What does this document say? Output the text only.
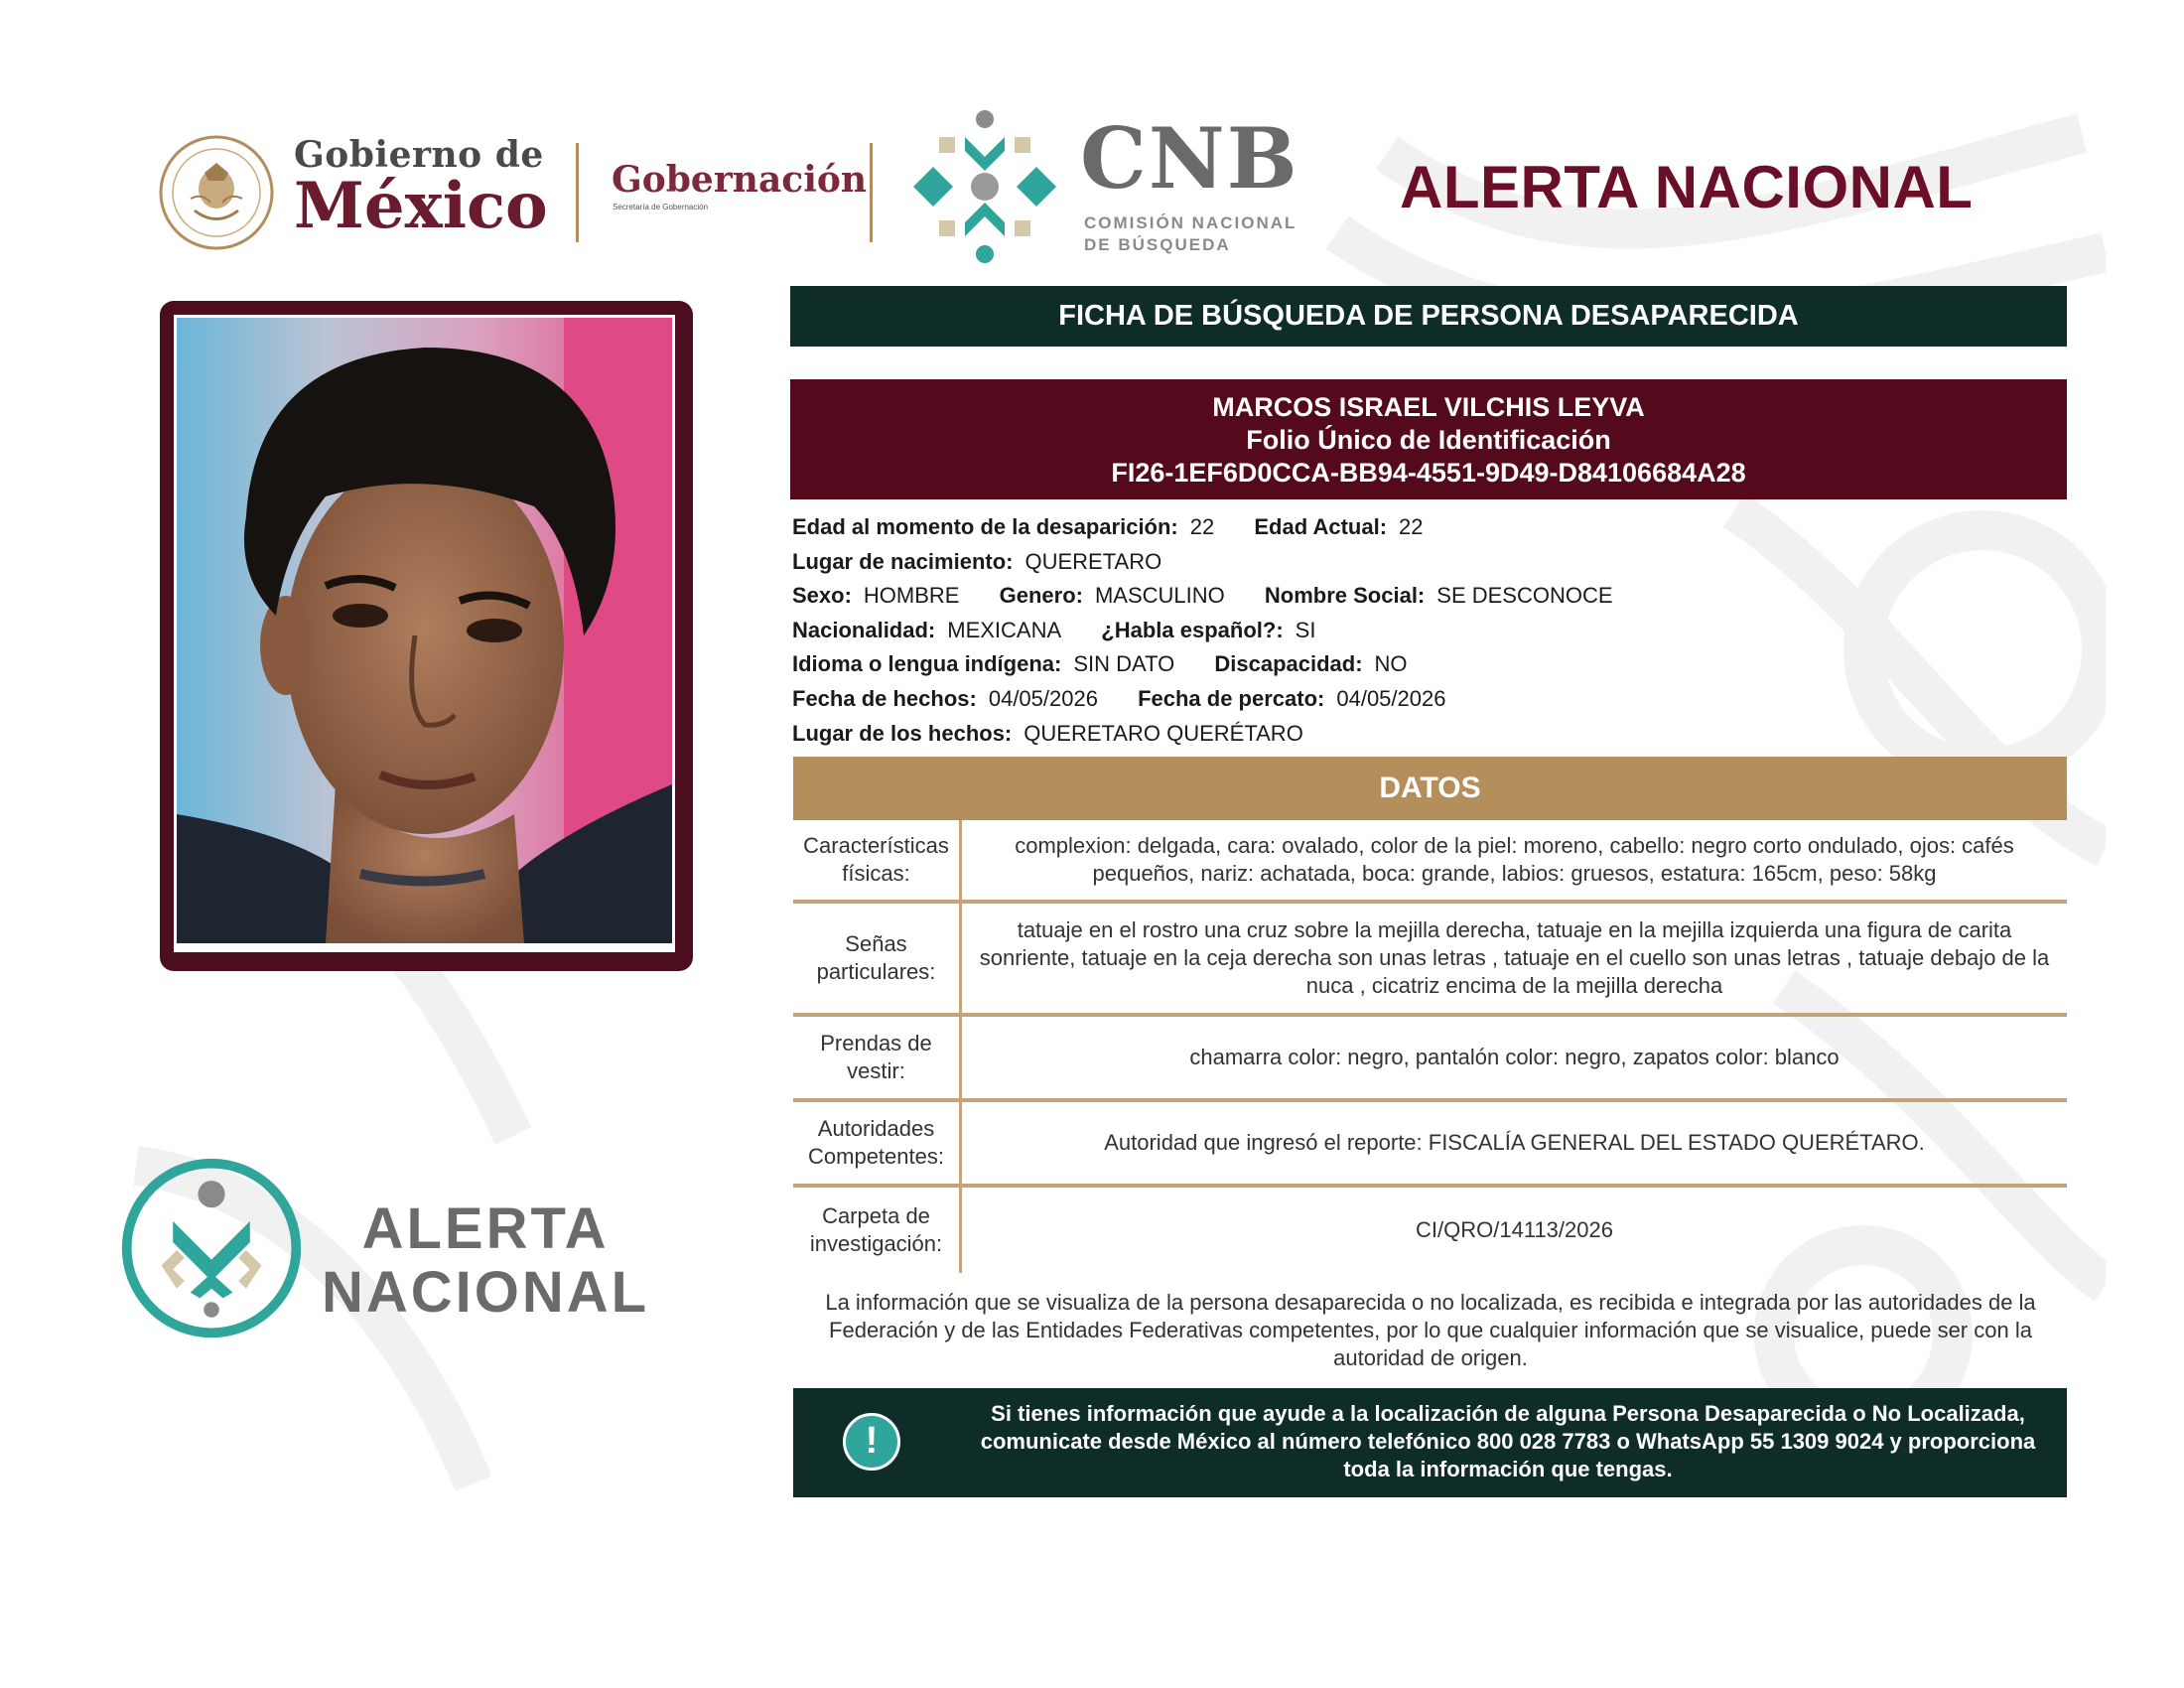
Gobierno de
México Gobernación
Secretaría de Gobernación	CNB
COMISIÓN NACIONAL
DE BÚSQUEDA
ALERTA NACIONAL
FICHA DE BÚSQUEDA DE PERSONA DESAPARECIDA
MARCOS ISRAEL VILCHIS LEYVA
Folio Único de Identificación
FI26-1EF6D0CCA-BB94-4551-9D49-D84106684A28
Edad al momento de la desaparición: 22 Edad Actual: 22
Lugar de nacimiento: QUERETARO
Sexo: HOMBRE Genero: MASCULINO Nombre Social: SE DESCONOCE
Nacionalidad: MEXICANA ¿Habla español?: SI
Idioma o lengua indígena: SIN DATO Discapacidad: NO
Fecha de hechos: 04/05/2026 Fecha de percato: 04/05/2026
Lugar de los hechos: QUERETARO QUERÉTARO
DATOS
Características físicas:
complexion: delgada, cara: ovalado, color de la piel: moreno, cabello: negro corto ondulado, ojos: cafés pequeños, nariz: achatada, boca: grande, labios: gruesos, estatura: 165cm, peso: 58kg
Señas particulares:
tatuaje en el rostro una cruz sobre la mejilla derecha, tatuaje en la mejilla izquierda una figura de carita sonriente, tatuaje en la ceja derecha son unas letras , tatuaje en el cuello son unas letras , tatuaje debajo de la nuca , cicatriz encima de la mejilla derecha
Prendas de vestir:
chamarra color: negro, pantalón color: negro, zapatos color: blanco
Autoridades Competentes:
Autoridad que ingresó el reporte: FISCALÍA GENERAL DEL ESTADO QUERÉTARO.
Carpeta de investigación:
CI/QRO/14113/2026
La información que se visualiza de la persona desaparecida o no localizada, es recibida e integrada por las autoridades de la Federación y de las Entidades Federativas competentes, por lo que cualquier información que se visualice, puede ser con la autoridad de origen.
!
Si tienes información que ayude a la localización de alguna Persona Desaparecida o No Localizada, comunicate desde México al número telefónico 800 028 7783 o WhatsApp 55 1309 9024 y proporciona toda la información que tengas.
ALERTA
NACIONAL
